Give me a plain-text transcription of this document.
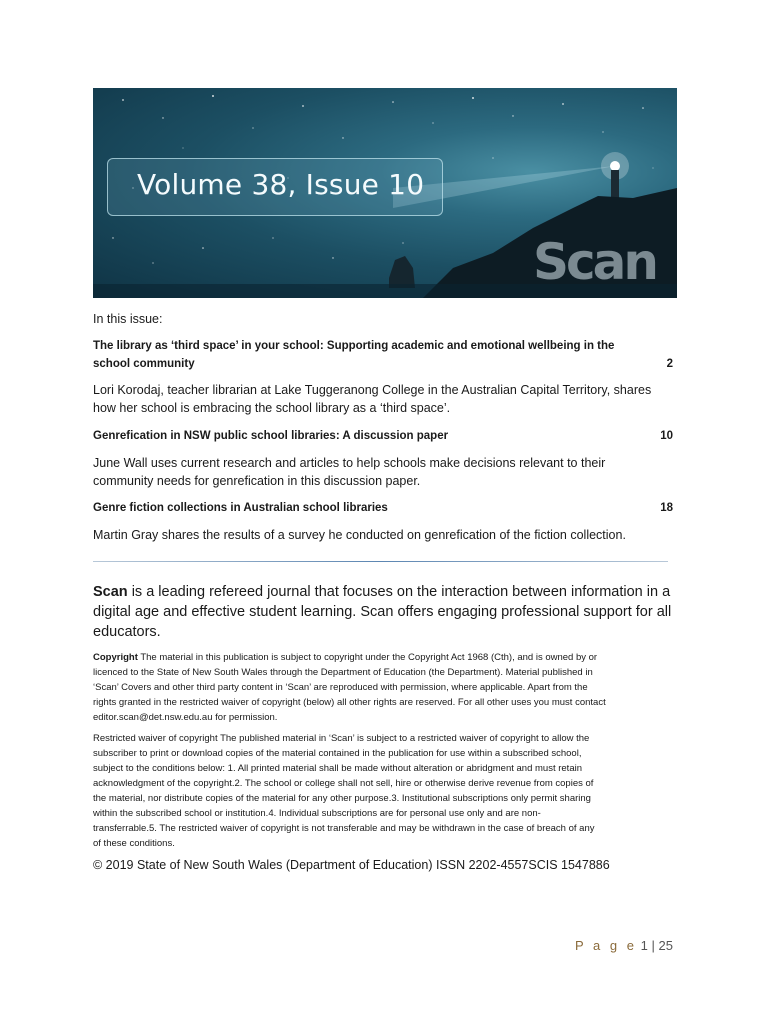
Volume 38, Issue 10
Scan
In this issue:
The library as ‘third space’ in your school: Supporting academic and emotional wellbeing in the
school community	2
Lori Korodaj, teacher librarian at Lake Tuggeranong College in the Australian Capital Territory, shares
how her school is embracing the school library as a ‘third space’.
Genrefication in NSW public school libraries: A discussion paper	10
June Wall uses current research and articles to help schools make decisions relevant to their
community needs for genrefication in this discussion paper.
Genre fiction collections in Australian school libraries	18
Martin Gray shares the results of a survey he conducted on genrefication of the fiction collection.
Scan is a leading refereed journal that focuses on the interaction between information in a
digital age and effective student learning. Scan offers engaging professional support for all
educators.
Copyright The material in this publication is subject to copyright under the Copyright Act 1968 (Cth), and is owned by or
licenced to the State of New South Wales through the Department of Education (the Department). Material published in
‘Scan’ Covers and other third party content in ‘Scan’ are reproduced with permission, where applicable. Apart from the
rights granted in the restricted waiver of copyright (below) all other rights are reserved. For all other uses you must contact
editor.scan@det.nsw.edu.au for permission.
Restricted waiver of copyright The published material in ‘Scan’ is subject to a restricted waiver of copyright to allow the
subscriber to print or download copies of the material contained in the publication for use within a subscribed school,
subject to the conditions below: 1. All printed material shall be made without alteration or abridgment and must retain
acknowledgment of the copyright.2. The school or college shall not sell, hire or otherwise derive revenue from copies of
the material, nor distribute copies of the material for any other purpose.3. Institutional subscriptions only permit sharing
within the subscribed school or institution.4. Individual subscriptions are for personal use only and are non-
transferrable.5. The restricted waiver of copyright is not transferable and may be withdrawn in the case of breach of any
of these conditions.
© 2019 State of New South Wales (Department of Education) ISSN 2202-4557SCIS 1547886
P a g e 1 | 25
